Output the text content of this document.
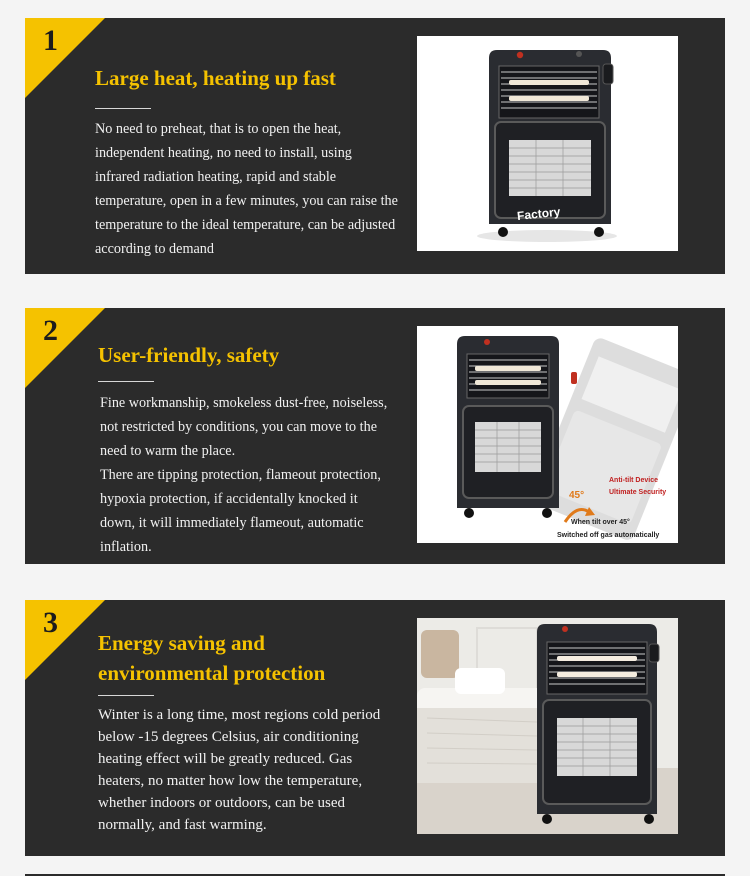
1
Large heat, heating up fast

No need to preheat, that is to open the heat, independent heating, no need to install, using infrared radiation heating, rapid and stable temperature, open in a few minutes, you can raise the temperature to the ideal temperature, can be adjusted according to demand

Factory
2
User-friendly, safety

Fine workmanship, smokeless dust-free, noiseless, not restricted by conditions, you can move to the need to warm the place.

There are tipping protection, flameout protection, hypoxia protection, if accidentally knocked it down, it will immediately flameout, automatic inflation.

45°
Anti-tilt Device
Ultimate Security
When tilt over 45°
Switched off gas automatically
3
Energy saving and
environmental protection

Winter is a long time, most regions cold period below -15 degrees Celsius, air conditioning heating effect will be greatly reduced. Gas heaters, no matter how low the temperature, whether indoors or outdoors, can be used normally, and fast warming.
